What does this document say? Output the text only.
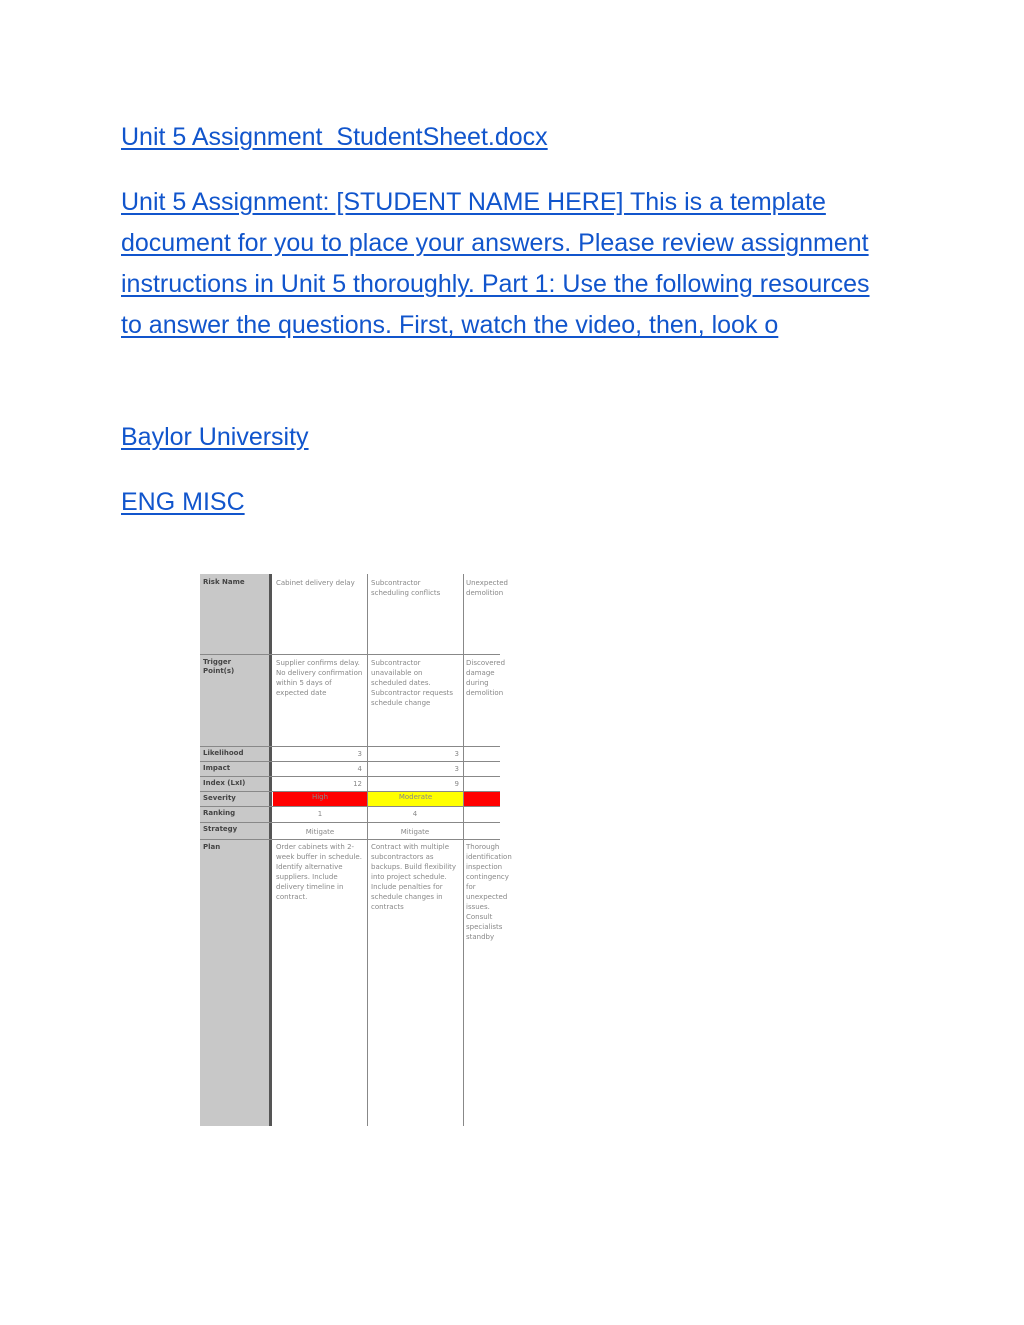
Unit 5 Assignment_StudentSheet.docx
Unit 5 Assignment: [STUDENT NAME HERE] This is a template document for you to place your answers. Please review assignment instructions in Unit 5 thoroughly. Part 1: Use the following resources to answer the questions. First, watch the video, then, look o
Baylor University
ENG MISC
Risk Name
Trigger Point(s)
Likelihood
Impact
Index (LxI)
Severity
Ranking
Strategy
Plan
Cabinet delivery delay
Supplier confirms delay. No delivery confirmation within 5 days of expected date
3
4
12
High
1
Mitigate
Order cabinets with 2-week buffer in schedule. Identify alternative suppliers. Include delivery timeline in contract.
Subcontractor scheduling conflicts
Subcontractor unavailable on scheduled dates. Subcontractor requests schedule change
3
3
9
Moderate
4
Mitigate
Contract with multiple subcontractors as backups. Build flexibility into project schedule. Include penalties for schedule changes in contracts
Unexpected demolition
Discovered damage during demolition
Thorough identification inspection contingency for unexpected issues. Consult specialists standby
